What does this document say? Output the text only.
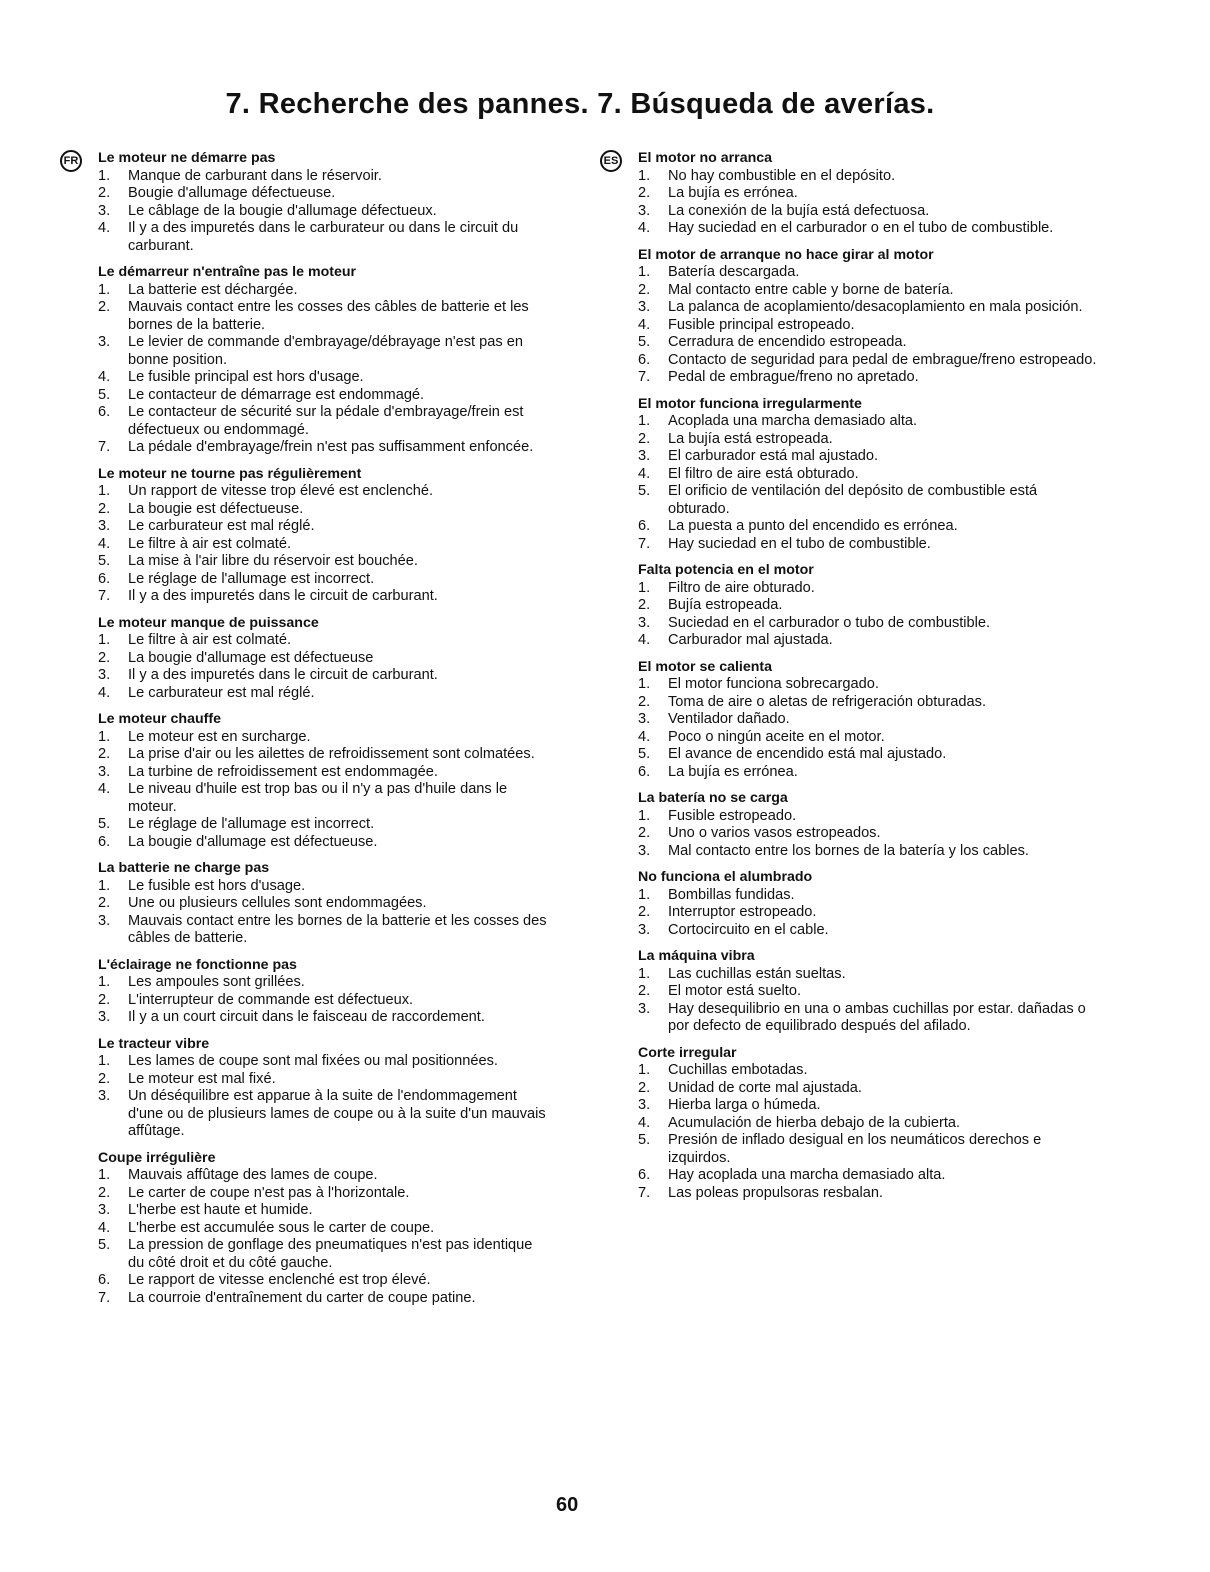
7. Recherche des pannes. 7. Búsqueda de averías.
FR	Le moteur ne démarre pas
1.	Manque de carburant dans le réservoir.
2.	Bougie d'allumage défectueuse.
3.	Le câblage de la bougie d'allumage défectueux.
4.	Il y a des impuretés dans le carburateur ou dans le circuit du carburant.
Le démarreur n'entraîne pas le moteur
1.	La batterie est déchargée.
2.	Mauvais contact entre les cosses des câbles de batterie et les bornes de la batterie.
3.	Le levier de commande d'embrayage/débrayage n'est pas en bonne position.
4.	Le fusible principal est hors d'usage.
5.	Le contacteur de démarrage est endommagé.
6.	Le contacteur de sécurité sur la pédale d'embrayage/frein est défectueux ou endommagé.
7.	La pédale d'embrayage/frein n'est pas suffisamment enfoncée.
Le moteur ne tourne pas régulièrement
1.	Un rapport de vitesse trop élevé est enclenché.
2.	La bougie est défectueuse.
3.	Le carburateur est mal réglé.
4.	Le filtre à air est colmaté.
5.	La mise à l'air libre du réservoir est bouchée.
6.	Le réglage de l'allumage est incorrect.
7.	Il y a des impuretés dans le circuit de carburant.
Le moteur manque de puissance
1.	Le filtre à air est colmaté.
2.	La bougie d'allumage est défectueuse
3.	Il y a des impuretés dans le circuit de carburant.
4.	Le carburateur est mal réglé.
Le moteur chauffe
1.	Le moteur est en surcharge.
2.	La prise d'air ou les ailettes de refroidissement sont colmatées.
3.	La turbine de refroidissement est endommagée.
4.	Le niveau d'huile est trop bas ou il n'y a pas d'huile dans le moteur.
5.	Le réglage de l'allumage est incorrect.
6.	La bougie d'allumage est défectueuse.
La batterie ne charge pas
1.	Le fusible est hors d'usage.
2.	Une ou plusieurs cellules sont endommagées.
3.	Mauvais contact entre les bornes de la batterie et les cosses des câbles de batterie.
L'éclairage ne fonctionne pas
1.	Les ampoules sont grillées.
2.	L'interrupteur de commande est défectueux.
3.	Il y a un court circuit dans le faisceau de raccordement.
Le tracteur vibre
1.	Les lames de coupe sont mal fixées ou mal positionnées.
2.	Le moteur est mal fixé.
3.	Un déséquilibre est apparue à la suite de l'endommagement d'une ou de plusieurs lames de coupe ou à la suite d'un mauvais affûtage.
Coupe irrégulière
1.	Mauvais affûtage des lames de coupe.
2.	Le carter de coupe n'est pas à l'horizontale.
3.	L'herbe est haute et humide.
4.	L'herbe est accumulée sous le carter de coupe.
5.	La pression de gonflage des pneumatiques n'est pas identique du côté droit et du côté gauche.
6.	Le rapport de vitesse enclenché est trop élevé.
7.	La courroie d'entraînement du carter de coupe patine.
ES	El motor no arranca
1.	No hay combustible en el depósito.
2.	La bujía es errónea.
3.	La conexión de la bujía está defectuosa.
4.	Hay suciedad en el carburador o en el tubo de combustible.
El motor de arranque no hace girar al motor
1.	Batería descargada.
2.	Mal contacto entre cable y borne de batería.
3.	La palanca de acoplamiento/desacoplamiento en mala posición.
4.	Fusible principal estropeado.
5.	Cerradura de encendido estropeada.
6.	Contacto de seguridad para pedal de embrague/freno estropeado.
7.	Pedal de embrague/freno no apretado.
El motor funciona irregularmente
1.	Acoplada una marcha demasiado alta.
2.	La bujía está estropeada.
3.	El carburador está mal ajustado.
4.	El filtro de aire está obturado.
5.	El orificio de ventilación del depósito de combustible está obturado.
6.	La puesta a punto del encendido es errónea.
7.	Hay suciedad en el tubo de combustible.
Falta potencia en el motor
1.	Filtro de aire obturado.
2.	Bujía estropeada.
3.	Suciedad en el carburador o tubo de combustible.
4.	Carburador mal ajustada.
El motor se calienta
1.	El motor funciona sobrecargado.
2.	Toma de aire o aletas de refrigeración obturadas.
3.	Ventilador dañado.
4.	Poco o ningún aceite en el motor.
5.	El avance de encendido está mal ajustado.
6.	La bujía es errónea.
La batería no se carga
1.	Fusible estropeado.
2.	Uno o varios vasos estropeados.
3.	Mal contacto entre los bornes de la batería y los cables.
No funciona el alumbrado
1.	Bombillas fundidas.
2.	Interruptor estropeado.
3.	Cortocircuito en el cable.
La máquina vibra
1.	Las cuchillas están sueltas.
2.	El motor está suelto.
3.	Hay desequilibrio en una o ambas cuchillas por estar. dañadas o por defecto de equilibrado después del afilado.
Corte irregular
1.	Cuchillas embotadas.
2.	Unidad de corte mal ajustada.
3.	Hierba larga o húmeda.
4.	Acumulación de hierba debajo de la cubierta.
5.	Presión de inflado desigual en los neumáticos derechos e izquirdos.
6.	Hay acoplada una marcha demasiado alta.
7.	Las poleas propulsoras resbalan.
60
